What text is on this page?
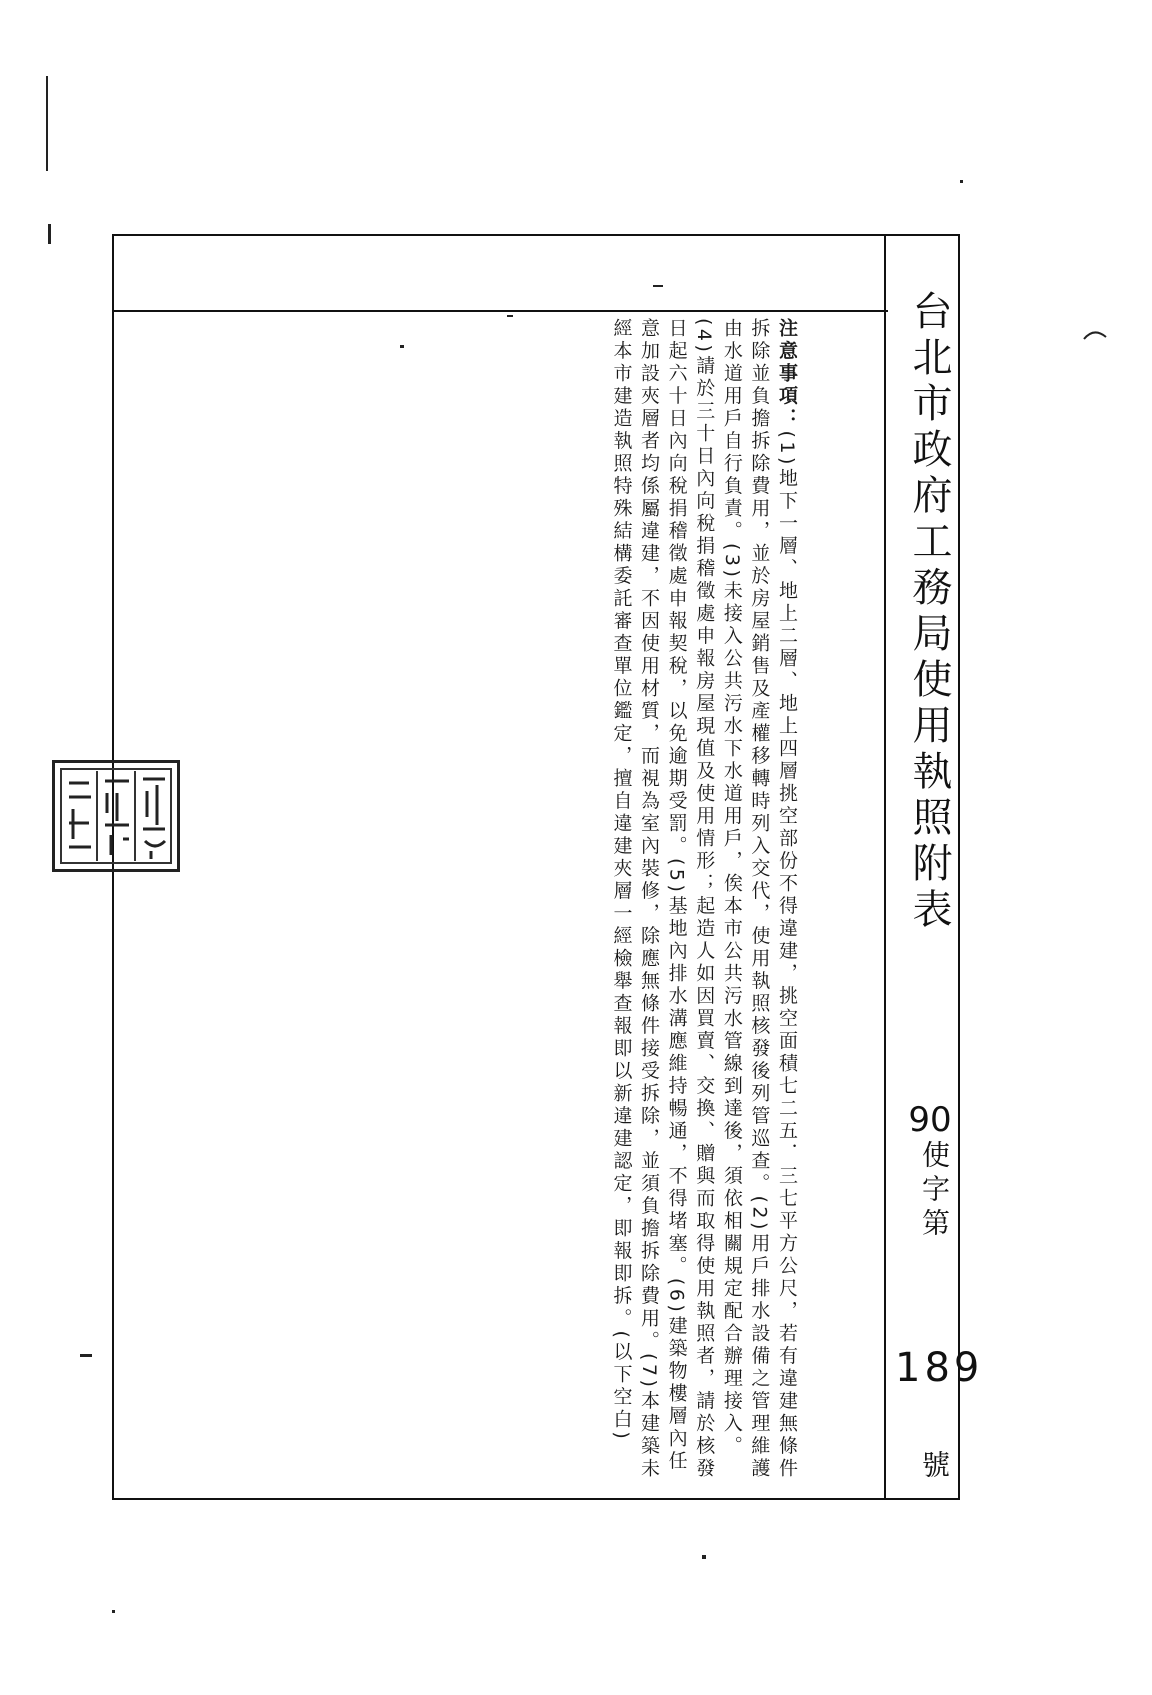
台北市政府工務局使用執照附表
90
使字第
189
號
注意事項：(1)地下一層、地上二層、地上四層挑空部份不得違建，挑空面積七二五．三七平方公尺，若有違建無條件拆除並負擔拆除費用，並於房屋銷售及產權移轉時列入交代，使用執照核發後列管巡查。(2)用戶排水設備之管理維護由水道用戶自行負責。(3)未接入公共污水下水道用戶，俟本市公共污水管線到達後，須依相關規定配合辦理接入。(4)請於三十日內向稅捐稽徵處申報房屋現值及使用情形；起造人如因買賣、交換、贈與而取得使用執照者，請於核發日起六十日內向稅捐稽徵處申報契稅，以免逾期受罰。(5)基地內排水溝應維持暢通，不得堵塞。(6)建築物樓層內任意加設夾層者均係屬違建，不因使用材質，而視為室內裝修，除應無條件接受拆除，並須負擔拆除費用。(7)本建築未經本市建造執照特殊結構委託審查單位鑑定，擅自違建夾層一經檢舉查報即以新違建認定，即報即拆。(以下空白)
